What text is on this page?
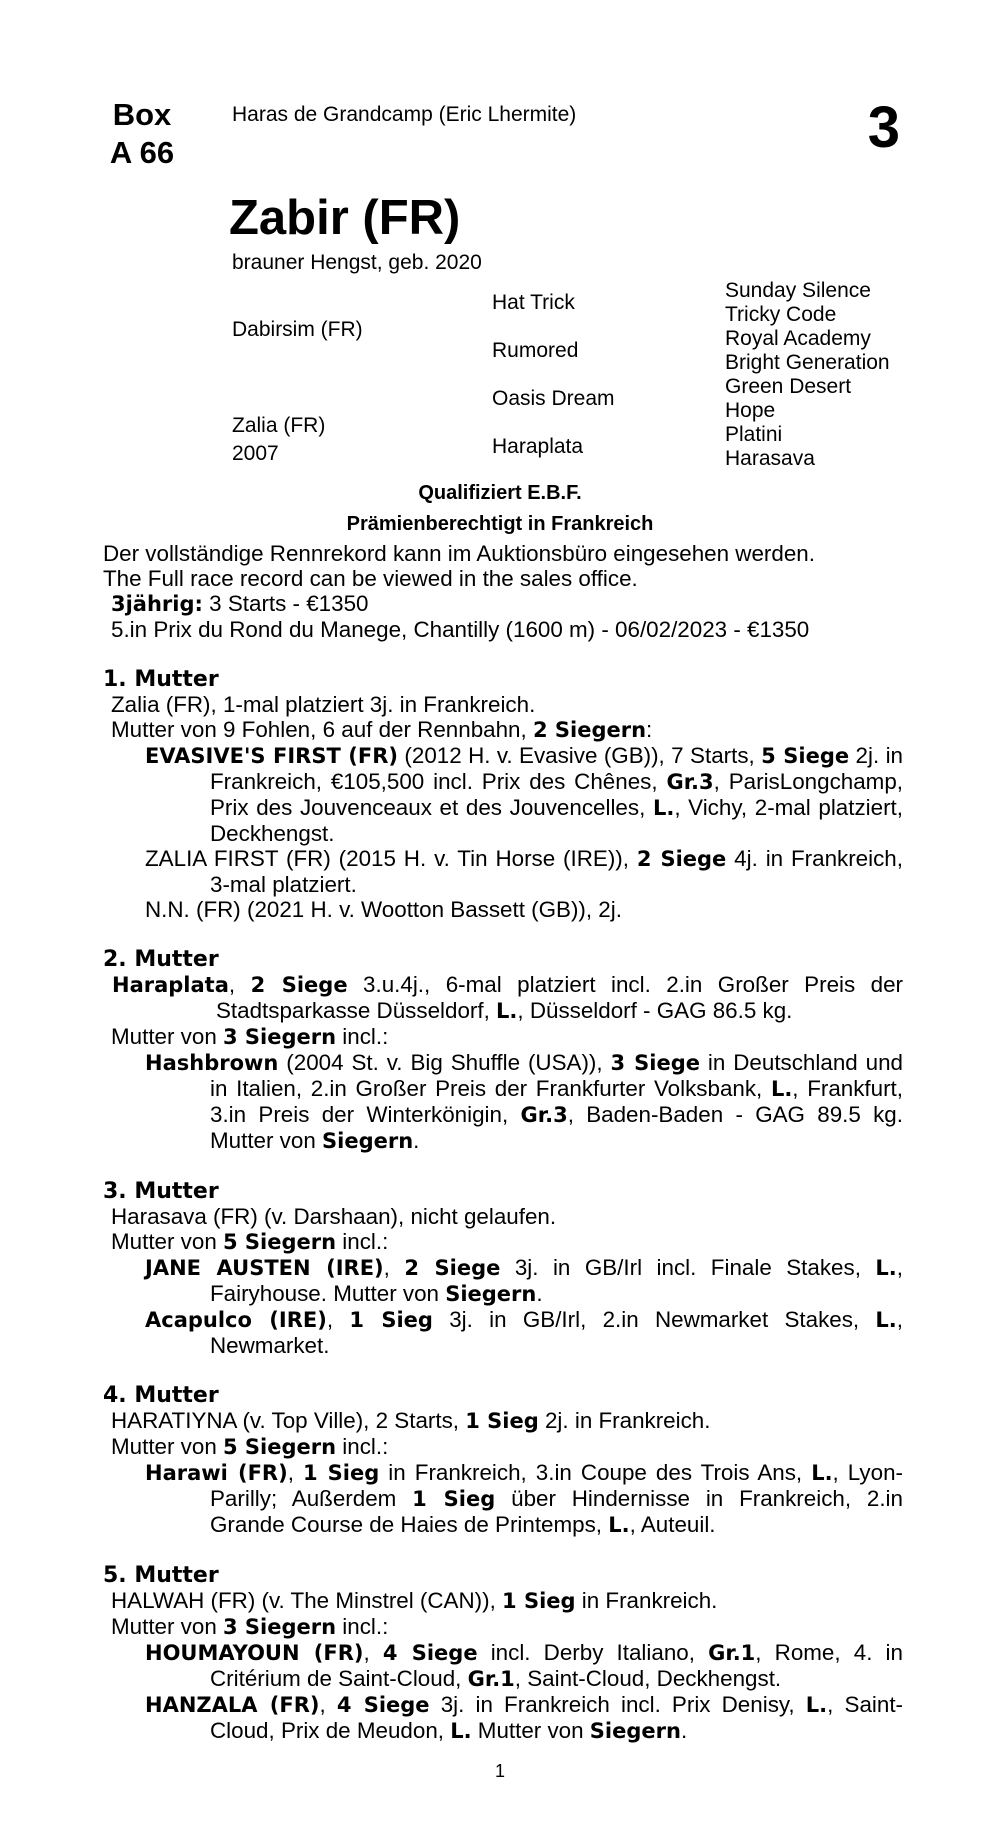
Box
A 66
Haras de Grandcamp (Eric Lhermite)	3
Zabir (FR)
brauner Hengst, geb. 2020
Dabirsim (FR)
Zalia (FR)
2007
Hat Trick
Rumored
Oasis Dream
Haraplata
Sunday Silence
Tricky Code
Royal Academy
Bright Generation
Green Desert
Hope
Platini
Harasava
Qualifiziert E.B.F.
Prämienberechtigt in Frankreich

Der vollständige Rennrekord kann im Auktionsbüro eingesehen werden.

The Full race record can be viewed in the sales office.

3jährig: 3 Starts - €1350

5.in Prix du Rond du Manege, Chantilly (1600 m) - 06/02/2023 - €1350

1. Mutter

Zalia (FR), 1-mal platziert 3j. in Frankreich.

Mutter von 9 Fohlen, 6 auf der Rennbahn, 2 Siegern:

EVASIVE'S FIRST (FR) (2012 H. v. Evasive (GB)), 7 Starts, 5 Siege 2j. in Frankreich, €105,500 incl. Prix des Chênes, Gr.3, ParisLongchamp, Prix des Jouvenceaux et des Jouvencelles, L., Vichy, 2-mal platziert, Deckhengst.

ZALIA FIRST (FR) (2015 H. v. Tin Horse (IRE)), 2 Siege 4j. in Frankreich, 3-mal platziert.

N.N. (FR) (2021 H. v. Wootton Bassett (GB)), 2j.

2. Mutter

Haraplata, 2 Siege 3.u.4j., 6-mal platziert incl. 2.in Großer Preis der Stadtsparkasse Düsseldorf, L., Düsseldorf - GAG 86.5 kg.

Mutter von 3 Siegern incl.:

Hashbrown (2004 St. v. Big Shuffle (USA)), 3 Siege in Deutschland und in Italien, 2.in Großer Preis der Frankfurter Volksbank, L., Frankfurt, 3.in Preis der Winterkönigin, Gr.3, Baden-Baden - GAG 89.5 kg. Mutter von Siegern.

3. Mutter

Harasava (FR) (v. Darshaan), nicht gelaufen.

Mutter von 5 Siegern incl.:

JANE AUSTEN (IRE), 2 Siege 3j. in GB/Irl incl. Finale Stakes, L., Fairyhouse. Mutter von Siegern.

Acapulco (IRE), 1 Sieg 3j. in GB/Irl, 2.in Newmarket Stakes, L., Newmarket.

4. Mutter

HARATIYNA (v. Top Ville), 2 Starts, 1 Sieg 2j. in Frankreich.

Mutter von 5 Siegern incl.:

Harawi (FR), 1 Sieg in Frankreich, 3.in Coupe des Trois Ans, L., Lyon-Parilly; Außerdem 1 Sieg über Hindernisse in Frankreich, 2.in Grande Course de Haies de Printemps, L., Auteuil.

5. Mutter

HALWAH (FR) (v. The Minstrel (CAN)), 1 Sieg in Frankreich.

Mutter von 3 Siegern incl.:

HOUMAYOUN (FR), 4 Siege incl. Derby Italiano, Gr.1, Rome, 4. in Critérium de Saint-Cloud, Gr.1, Saint-Cloud, Deckhengst.

HANZALA (FR), 4 Siege 3j. in Frankreich incl. Prix Denisy, L., Saint-Cloud, Prix de Meudon, L. Mutter von Siegern.

1
